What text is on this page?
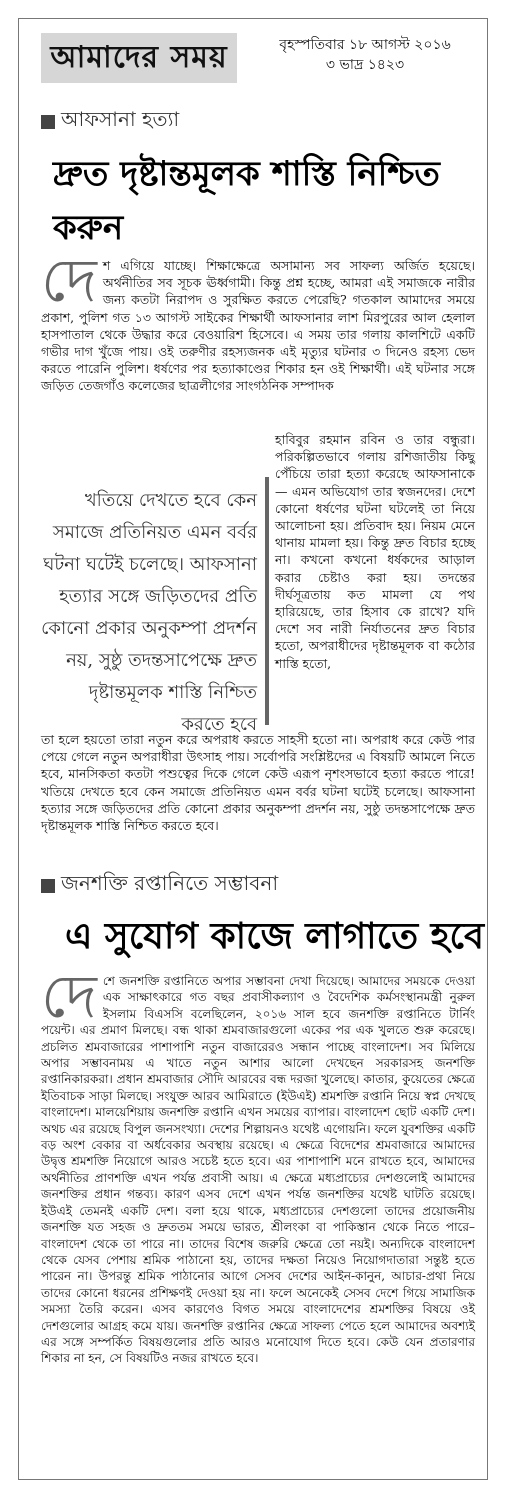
আমাদের সময়	বৃহস্পতিবার ১৮ আগস্ট ২০১৬
৩ ভাদ্র ১৪২৩
আফসানা হত্যা
দ্রুত দৃষ্টান্তমূলক শাস্তি নিশ্চিত করুন
দে শ এগিয়ে যাচ্ছে। শিক্ষাক্ষেত্রে অসামান্য সব সাফল্য অর্জিত হয়েছে। অর্থনীতির সব সূচক ঊর্ধ্বগামী। কিন্তু প্রশ্ন হচ্ছে, আমরা এই সমাজকে নারীর জন্য কতটা নিরাপদ ও সুরক্ষিত করতে পেরেছি? গতকাল আমাদের সময়ে প্রকাশ, পুলিশ গত ১৩ আগস্ট সাইকের শিক্ষার্থী আফসানার লাশ মিরপুরের আল হেলাল হাসপাতাল থেকে উদ্ধার করে বেওয়ারিশ হিসেবে। এ সময় তার গলায় কালশিটে একটি গভীর দাগ খুঁজে পায়। ওই তরুণীর রহস্যজনক এই মৃত্যুর ঘটনার ৩ দিনেও রহস্য ভেদ করতে পারেনি পুলিশ। ধর্ষণের পর হত্যাকাণ্ডের শিকার হন ওই শিক্ষার্থী। এই ঘটনার সঙ্গে জড়িত তেজগাঁও কলেজের ছাত্রলীগের সাংগঠনিক সম্পাদক
খতিয়ে দেখতে হবে কেন সমাজে প্রতিনিয়ত এমন বর্বর ঘটনা ঘটেই চলেছে। আফসানা হত্যার সঙ্গে জড়িতদের প্রতি কোনো প্রকার অনুকম্পা প্রদর্শন নয়, সুষ্ঠু তদন্তসাপেক্ষে দ্রুত দৃষ্টান্তমূলক শাস্তি নিশ্চিত করতে হবে
হাবিবুর রহমান রবিন ও তার বন্ধুরা। পরিকল্পিতভাবে গলায় রশিজাতীয় কিছু পেঁচিয়ে তারা হত্যা করেছে আফসানাকে— এমন অভিযোগ তার স্বজনদের। দেশে কোনো ধর্ষণের ঘটনা ঘটলেই তা নিয়ে আলোচনা হয়। প্রতিবাদ হয়। নিয়ম মেনে থানায় মামলা হয়। কিন্তু দ্রুত বিচার হচ্ছে না। কখনো কখনো ধর্ষকদের আড়াল করার চেষ্টাও করা হয়। তদন্তের দীর্ঘসূত্রতায় কত মামলা যে পথ হারিয়েছে, তার হিসাব কে রাখে? যদি দেশে সব নারী নির্যাতনের দ্রুত বিচার হতো, অপরাধীদের দৃষ্টান্তমূলক বা কঠোর শাস্তি হতো,
তা হলে হয়তো তারা নতুন করে অপরাধ করতে সাহসী হতো না। অপরাধ করে কেউ পার পেয়ে গেলে নতুন অপরাধীরা উৎসাহ পায়। সর্বোপরি সংশ্লিষ্টদের এ বিষয়টি আমলে নিতে হবে, মানসিকতা কতটা পশুত্বের দিকে গেলে কেউ এরূপ নৃশংসভাবে হত্যা করতে পারে! খতিয়ে দেখতে হবে কেন সমাজে প্রতিনিয়ত এমন বর্বর ঘটনা ঘটেই চলেছে। আফসানা হত্যার সঙ্গে জড়িতদের প্রতি কোনো প্রকার অনুকম্পা প্রদর্শন নয়, সুষ্ঠু তদন্তসাপেক্ষে দ্রুত দৃষ্টান্তমূলক শাস্তি নিশ্চিত করতে হবে।
জনশক্তি রপ্তানিতে সম্ভাবনা
এ সুযোগ কাজে লাগাতে হবে
দে শে জনশক্তি রপ্তানিতে অপার সম্ভাবনা দেখা দিয়েছে। আমাদের সময়কে দেওয়া এক সাক্ষাৎকারে গত বছর প্রবাসীকল্যাণ ও বৈদেশিক কর্মসংস্থানমন্ত্রী নুরুল ইসলাম বিএসসি বলেছিলেন, ২০১৬ সাল হবে জনশক্তি রপ্তানিতে টার্নিং পয়েন্ট। এর প্রমাণ মিলছে। বন্ধ থাকা শ্রমবাজারগুলো একের পর এক খুলতে শুরু করেছে। প্রচলিত শ্রমবাজারের পাশাপাশি নতুন বাজারেরও সন্ধান পাচ্ছে বাংলাদেশ। সব মিলিয়ে অপার সম্ভাবনাময় এ খাতে নতুন আশার আলো দেখছেন সরকারসহ জনশক্তি রপ্তানিকারকরা। প্রধান শ্রমবাজার সৌদি আরবের বন্ধ দরজা খুলেছে। কাতার, কুয়েতের ক্ষেত্রে ইতিবাচক সাড়া মিলছে। সংযুক্ত আরব আমিরাতে (ইউএই) শ্রমশক্তি রপ্তানি নিয়ে স্বপ্ন দেখছে বাংলাদেশ। মালয়েশিয়ায় জনশক্তি রপ্তানি এখন সময়ের ব্যাপার। বাংলাদেশ ছোট একটি দেশ। অথচ এর রয়েছে বিপুল জনসংখ্যা। দেশের শিল্পায়নও যথেষ্ট এগোয়নি। ফলে যুবশক্তির একটি বড় অংশ বেকার বা অর্ধবেকার অবস্থায় রয়েছে। এ ক্ষেত্রে বিদেশের শ্রমবাজারে আমাদের উদ্বৃত্ত শ্রমশক্তি নিয়োগে আরও সচেষ্ট হতে হবে। এর পাশাপাশি মনে রাখতে হবে, আমাদের অর্থনীতির প্রাণশক্তি এখন পর্যন্ত প্রবাসী আয়। এ ক্ষেত্রে মধ্যপ্রাচ্যের দেশগুলোই আমাদের জনশক্তির প্রধান গন্তব্য। কারণ এসব দেশে এখন পর্যন্ত জনশক্তির যথেষ্ট ঘাটতি রয়েছে। ইউএই তেমনই একটি দেশ। বলা হয়ে থাকে, মধ্যপ্রাচ্যের দেশগুলো তাদের প্রয়োজনীয় জনশক্তি যত সহজ ও দ্রুততম সময়ে ভারত, শ্রীলংকা বা পাকিস্তান থেকে নিতে পারে– বাংলাদেশ থেকে তা পারে না। তাদের বিশেষ জরুরি ক্ষেত্রে তো নয়ই। অন্যদিকে বাংলাদেশ থেকে যেসব পেশায় শ্রমিক পাঠানো হয়, তাদের দক্ষতা নিয়েও নিয়োগদাতারা সন্তুষ্ট হতে পারেন না। উপরন্তু শ্রমিক পাঠানোর আগে সেসব দেশের আইন-কানুন, আচার-প্রথা নিয়ে তাদের কোনো ধরনের প্রশিক্ষণই দেওয়া হয় না। ফলে অনেকেই সেসব দেশে গিয়ে সামাজিক সমস্যা তৈরি করেন। এসব কারণেও বিগত সময়ে বাংলাদেশের শ্রমশক্তির বিষয়ে ওই দেশগুলোর আগ্রহ কমে যায়। জনশক্তি রপ্তানির ক্ষেত্রে সাফল্য পেতে হলে আমাদের অবশ্যই এর সঙ্গে সম্পর্কিত বিষয়গুলোর প্রতি আরও মনোযোগ দিতে হবে। কেউ যেন প্রতারণার শিকার না হন, সে বিষয়টিও নজর রাখতে হবে।
